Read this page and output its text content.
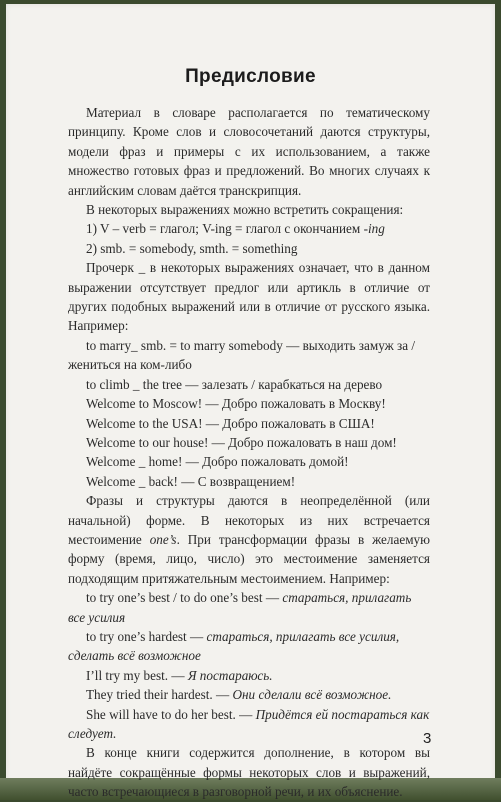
Предисловие

Материал в словаре располагается по тематическому принципу. Кроме слов и словосочетаний даются структуры, модели фраз и примеры с их использованием, а также множество готовых фраз и предложений. Во многих случаях к английским словам даётся транскрипция.

В некоторых выражениях можно встретить сокращения:

1) V – verb = глагол; V-ing = глагол с окончанием -ing

2) smb. = somebody, smth. = something

Прочерк _ в некоторых выражениях означает, что в данном выражении отсутствует предлог или артикль в отличие от других подобных выражений или в отличие от русского языка. Например:

to marry_ smb. = to marry somebody — выходить замуж за / жениться на ком-либо

to climb _ the tree — залезать / карабкаться на дерево

Welcome to Moscow! — Добро пожаловать в Москву!

Welcome to the USA! — Добро пожаловать в США!

Welcome to our house! — Добро пожаловать в наш дом!

Welcome _ home! — Добро пожаловать домой!

Welcome _ back! — С возвращением!

Фразы и структуры даются в неопределённой (или начальной) форме. В некоторых из них встречается местоимение one’s. При трансформации фразы в желаемую форму (время, лицо, число) это местоимение заменяется подходящим притяжательным местоимением. Например:

to try one’s best / to do one’s best — стараться, прилагать все усилия

to try one’s hardest — стараться, прилагать все усилия, сделать всё возможное

I’ll try my best. — Я постараюсь.

They tried their hardest. — Они сделали всё возможное.

She will have to do her best. — Придётся ей постараться как следует.

В конце книги содержится дополнение, в котором вы найдёте сокращённые формы некоторых слов и выражений, часто встречающиеся в разговорной речи, и их объяснение.

3
